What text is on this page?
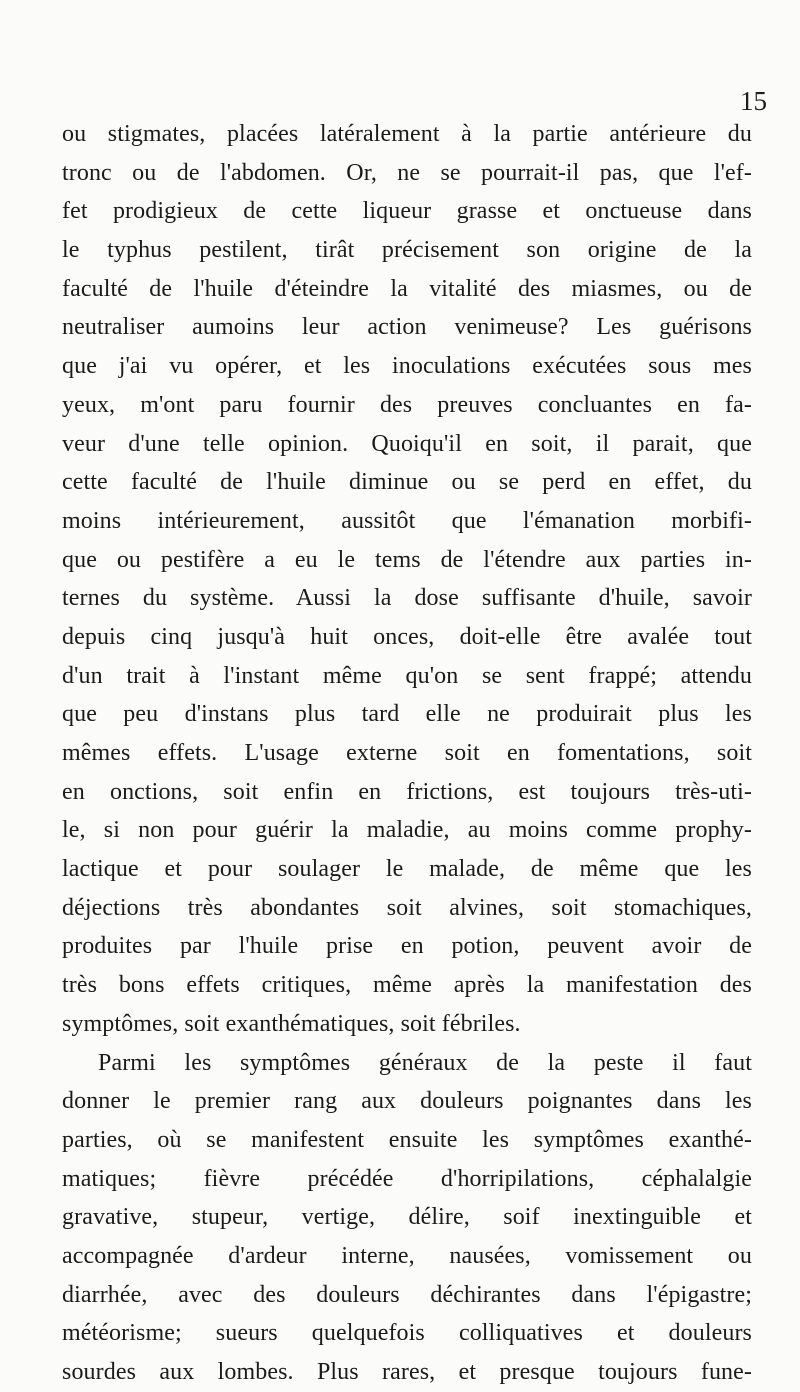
15
ou stigmates, placées latéralement à la partie antérieure du
tronc ou de l'abdomen. Or, ne se pourrait-il pas, que l'ef-
fet prodigieux de cette liqueur grasse et onctueuse dans
le typhus pestilent, tirât précisement son origine de la
faculté de l'huile d'éteindre la vitalité des miasmes, ou de
neutraliser aumoins leur action venimeuse? Les guérisons
que j'ai vu opérer, et les inoculations exécutées sous mes
yeux, m'ont paru fournir des preuves concluantes en fa-
veur d'une telle opinion. Quoiqu'il en soit, il parait, que
cette faculté de l'huile diminue ou se perd en effet, du
moins intérieurement, aussitôt que l'émanation morbifi-
que ou pestifère a eu le tems de l'étendre aux parties in-
ternes du système. Aussi la dose suffisante d'huile, savoir
depuis cinq jusqu'à huit onces, doit-elle être avalée tout
d'un trait à l'instant même qu'on se sent frappé; attendu
que peu d'instans plus tard elle ne produirait plus les
mêmes effets. L'usage externe soit en fomentations, soit
en onctions, soit enfin en frictions, est toujours très-uti-
le, si non pour guérir la maladie, au moins comme prophy-
lactique et pour soulager le malade, de même que les
déjections très abondantes soit alvines, soit stomachiques,
produites par l'huile prise en potion, peuvent avoir de
très bons effets critiques, même après la manifestation des
symptômes, soit exanthématiques, soit fébriles.
Parmi les symptômes généraux de la peste il faut
donner le premier rang aux douleurs poignantes dans les
parties, où se manifestent ensuite les symptômes exanthé-
matiques; fièvre précédée d'horripilations, céphalalgie
gravative, stupeur, vertige, délire, soif inextinguible et
accompagnée d'ardeur interne, nausées, vomissement ou
diarrhée, avec des douleurs déchirantes dans l'épigastre;
météorisme; sueurs quelquefois colliquatives et douleurs
sourdes aux lombes. Plus rares, et presque toujours fune-
